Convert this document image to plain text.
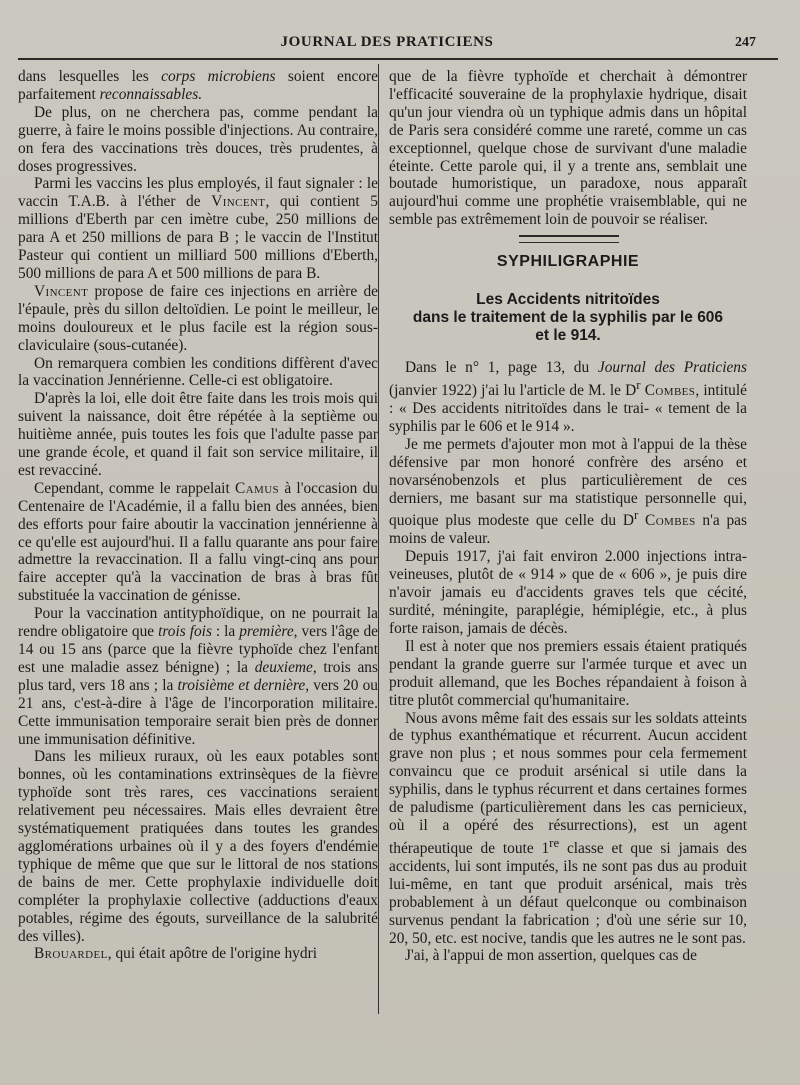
JOURNAL DES PRATICIENS	247

dans lesquelles les corps microbiens soient encore parfaitement reconnaissables.

De plus, on ne cherchera pas, comme pendant la guerre, à faire le moins possible d'injections. Au contraire, on fera des vaccinations très douces, très prudentes, à doses progressives.

Parmi les vaccins les plus employés, il faut signaler : le vaccin T.A.B. à l'éther de Vincent, qui contient 5 millions d'Eberth par cen imètre cube, 250 millions de para A et 250 millions de para B ; le vaccin de l'Institut Pasteur qui contient un milliard 500 millions d'Eberth, 500 millions de para A et 500 millions de para B.

Vincent propose de faire ces injections en arrière de l'épaule, près du sillon deltoïdien. Le point le meilleur, le moins douloureux et le plus facile est la région sous-claviculaire (sous-cutanée).

On remarquera combien les conditions diffèrent d'avec la vaccination Jennérienne. Celle-ci est obligatoire.

D'après la loi, elle doit être faite dans les trois mois qui suivent la naissance, doit être répétée à la septième ou huitième année, puis toutes les fois que l'adulte passe par une grande école, et quand il fait son service militaire, il est revacciné.

Cependant, comme le rappelait Camus à l'occasion du Centenaire de l'Académie, il a fallu bien des années, bien des efforts pour faire aboutir la vaccination jennérienne à ce qu'elle est aujourd'hui. Il a fallu quarante ans pour faire admettre la revaccination. Il a fallu vingt-cinq ans pour faire accepter qu'à la vaccination de bras à bras fût substituée la vaccination de génisse.

Pour la vaccination antityphoïdique, on ne pourrait la rendre obligatoire que trois fois : la première, vers l'âge de 14 ou 15 ans (parce que la fièvre typhoïde chez l'enfant est une maladie assez bénigne) ; la deuxieme, trois ans plus tard, vers 18 ans ; la troisième et dernière, vers 20 ou 21 ans, c'est-à-dire à l'âge de l'incorporation militaire. Cette immunisation temporaire serait bien près de donner une immunisation définitive.

Dans les milieux ruraux, où les eaux potables sont bonnes, où les contaminations extrinsèques de la fièvre typhoïde sont très rares, ces vaccinations seraient relativement peu nécessaires. Mais elles devraient être systématiquement pratiquées dans toutes les grandes agglomérations urbaines où il y a des foyers d'endémie typhique de même que que sur le littoral de nos stations de bains de mer. Cette prophylaxie individuelle doit compléter la prophylaxie collective (adductions d'eaux potables, régime des égouts, surveillance de la salubrité des villes).

Brouardel, qui était apôtre de l'origine hydri

que de la fièvre typhoïde et cherchait à démontrer l'efficacité souveraine de la prophylaxie hydrique, disait qu'un jour viendra où un typhique admis dans un hôpital de Paris sera considéré comme une rareté, comme un cas exceptionnel, quelque chose de survivant d'une maladie éteinte. Cette parole qui, il y a trente ans, semblait une boutade humoristique, un paradoxe, nous apparaît aujourd'hui comme une prophétie vraisemblable, qui ne semble pas extrêmement loin de pouvoir se réaliser.

SYPHILIGRAPHIE
Les Accidents nitritoïdes
dans le traitement de la syphilis par le 606
et le 914.

Dans le n° 1, page 13, du Journal des Praticiens (janvier 1922) j'ai lu l'article de M. le $D^r$ Combes, intitulé : « Des accidents nitritoïdes dans le trai- « tement de la syphilis par le 606 et le 914 ».

Je me permets d'ajouter mon mot à l'appui de la thèse défensive par mon honoré confrère des arséno et novarsénobenzols et plus particulièrement de ces derniers, me basant sur ma statistique personnelle qui, quoique plus modeste que celle du $D^r$ Combes n'a pas moins de valeur.

Depuis 1917, j'ai fait environ 2.000 injections intra-veineuses, plutôt de « 914 » que de « 606 », je puis dire n'avoir jamais eu d'accidents graves tels que cécité, surdité, méningite, paraplégie, hémiplégie, etc., à plus forte raison, jamais de décès.

Il est à noter que nos premiers essais étaient pratiqués pendant la grande guerre sur l'armée turque et avec un produit allemand, que les Boches répandaient à foison à titre plutôt commercial qu'humanitaire.

Nous avons même fait des essais sur les soldats atteints de typhus exanthématique et récurrent. Aucun accident grave non plus ; et nous sommes pour cela fermement convaincu que ce produit arsénical si utile dans la syphilis, dans le typhus récurrent et dans certaines formes de paludisme (particulièrement dans les cas pernicieux, où il a opéré des résurrections), est un agent thérapeutique de toute 1re classe et que si jamais des accidents, lui sont imputés, ils ne sont pas dus au produit lui-même, en tant que produit arsénical, mais très probablement à un défaut quelconque ou combinaison survenus pendant la fabrication ; d'où une série sur 10, 20, 50, etc. est nocive, tandis que les autres ne le sont pas.

J'ai, à l'appui de mon assertion, quelques cas de
